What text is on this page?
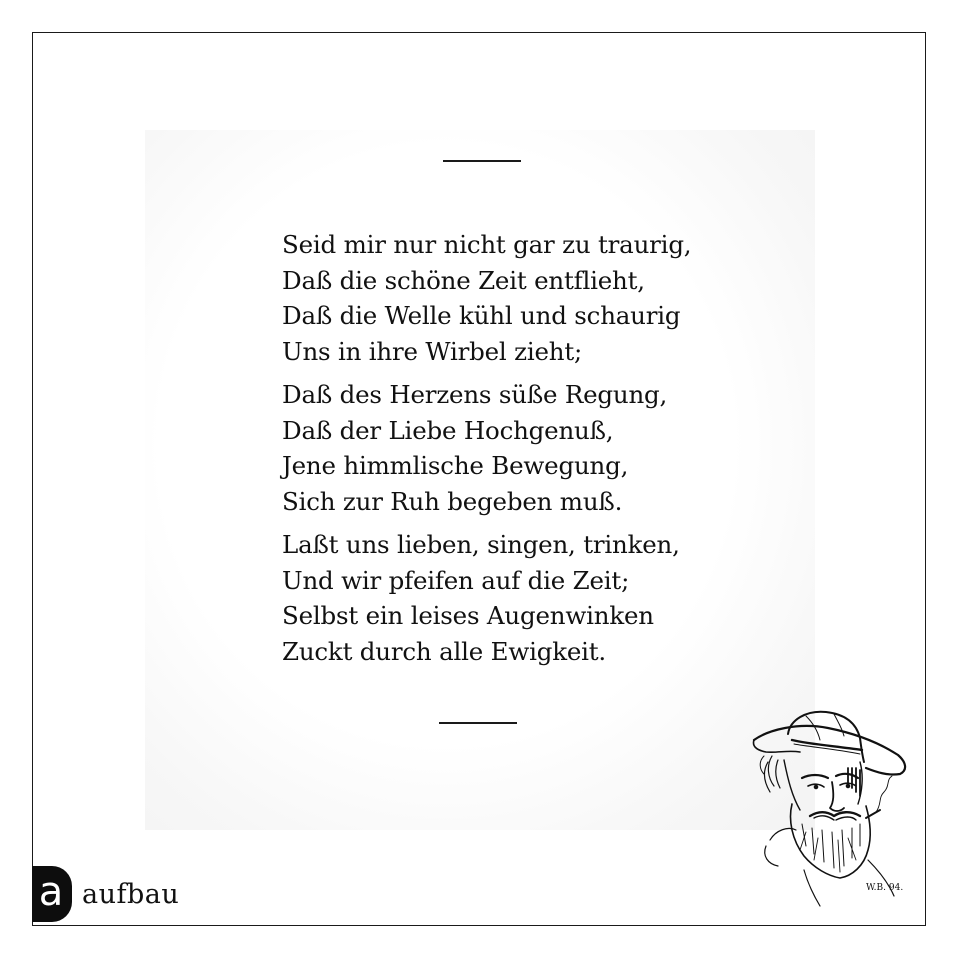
Seid mir nur nicht gar zu traurig,
Daß die schöne Zeit entflieht,
Daß die Welle kühl und schaurig
Uns in ihre Wirbel zieht;
Daß des Herzens süße Regung,
Daß der Liebe Hochgenuß,
Jene himmlische Bewegung,
Sich zur Ruh begeben muß.
Laßt uns lieben, singen, trinken,
Und wir pfeifen auf die Zeit;
Selbst ein leises Augenwinken
Zuckt durch alle Ewigkeit.
a aufbau	W.B. 94.
